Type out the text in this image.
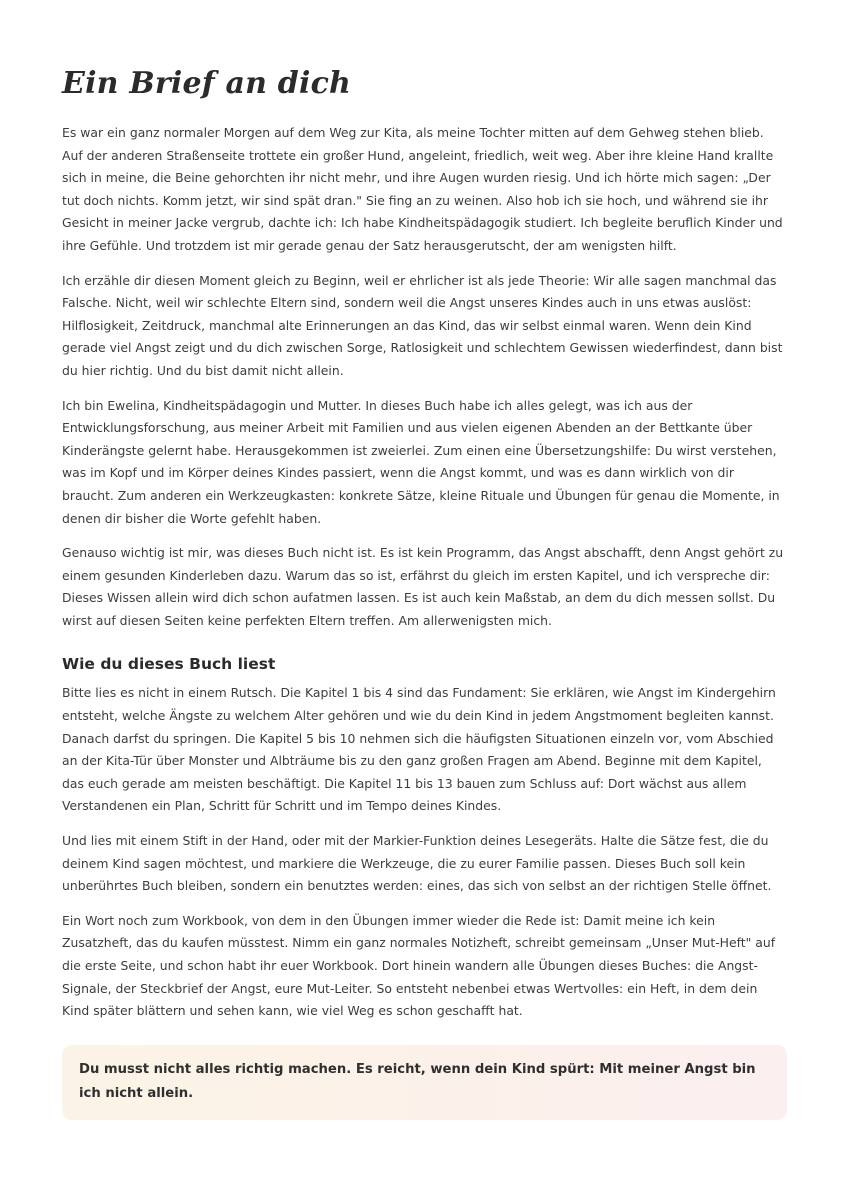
Ein Brief an dich

Es war ein ganz normaler Morgen auf dem Weg zur Kita, als meine Tochter mitten auf dem Gehweg stehen blieb. Auf der anderen Straßenseite trottete ein großer Hund, angeleint, friedlich, weit weg. Aber ihre kleine Hand krallte sich in meine, die Beine gehorchten ihr nicht mehr, und ihre Augen wurden riesig. Und ich hörte mich sagen: „Der tut doch nichts. Komm jetzt, wir sind spät dran." Sie fing an zu weinen. Also hob ich sie hoch, und während sie ihr Gesicht in meiner Jacke vergrub, dachte ich: Ich habe Kindheitspädagogik studiert. Ich begleite beruflich Kinder und ihre Gefühle. Und trotzdem ist mir gerade genau der Satz herausgerutscht, der am wenigsten hilft.

Ich erzähle dir diesen Moment gleich zu Beginn, weil er ehrlicher ist als jede Theorie: Wir alle sagen manchmal das Falsche. Nicht, weil wir schlechte Eltern sind, sondern weil die Angst unseres Kindes auch in uns etwas auslöst: Hilflosigkeit, Zeitdruck, manchmal alte Erinnerungen an das Kind, das wir selbst einmal waren. Wenn dein Kind gerade viel Angst zeigt und du dich zwischen Sorge, Ratlosigkeit und schlechtem Gewissen wiederfindest, dann bist du hier richtig. Und du bist damit nicht allein.

Ich bin Ewelina, Kindheitspädagogin und Mutter. In dieses Buch habe ich alles gelegt, was ich aus der Entwicklungsforschung, aus meiner Arbeit mit Familien und aus vielen eigenen Abenden an der Bettkante über Kinderängste gelernt habe. Herausgekommen ist zweierlei. Zum einen eine Übersetzungshilfe: Du wirst verstehen, was im Kopf und im Körper deines Kindes passiert, wenn die Angst kommt, und was es dann wirklich von dir braucht. Zum anderen ein Werkzeugkasten: konkrete Sätze, kleine Rituale und Übungen für genau die Momente, in denen dir bisher die Worte gefehlt haben.

Genauso wichtig ist mir, was dieses Buch nicht ist. Es ist kein Programm, das Angst abschafft, denn Angst gehört zu einem gesunden Kinderleben dazu. Warum das so ist, erfährst du gleich im ersten Kapitel, und ich verspreche dir: Dieses Wissen allein wird dich schon aufatmen lassen. Es ist auch kein Maßstab, an dem du dich messen sollst. Du wirst auf diesen Seiten keine perfekten Eltern treffen. Am allerwenigsten mich.

Wie du dieses Buch liest

Bitte lies es nicht in einem Rutsch. Die Kapitel 1 bis 4 sind das Fundament: Sie erklären, wie Angst im Kindergehirn entsteht, welche Ängste zu welchem Alter gehören und wie du dein Kind in jedem Angstmoment begleiten kannst. Danach darfst du springen. Die Kapitel 5 bis 10 nehmen sich die häufigsten Situationen einzeln vor, vom Abschied an der Kita-Tür über Monster und Albträume bis zu den ganz großen Fragen am Abend. Beginne mit dem Kapitel, das euch gerade am meisten beschäftigt. Die Kapitel 11 bis 13 bauen zum Schluss auf: Dort wächst aus allem Verstandenen ein Plan, Schritt für Schritt und im Tempo deines Kindes.

Und lies mit einem Stift in der Hand, oder mit der Markier-Funktion deines Lesegeräts. Halte die Sätze fest, die du deinem Kind sagen möchtest, und markiere die Werkzeuge, die zu eurer Familie passen. Dieses Buch soll kein unberührtes Buch bleiben, sondern ein benutztes werden: eines, das sich von selbst an der richtigen Stelle öffnet.

Ein Wort noch zum Workbook, von dem in den Übungen immer wieder die Rede ist: Damit meine ich kein Zusatzheft, das du kaufen müsstest. Nimm ein ganz normales Notizheft, schreibt gemeinsam „Unser Mut-Heft" auf die erste Seite, und schon habt ihr euer Workbook. Dort hinein wandern alle Übungen dieses Buches: die Angst-Signale, der Steckbrief der Angst, eure Mut-Leiter. So entsteht nebenbei etwas Wertvolles: ein Heft, in dem dein Kind später blättern und sehen kann, wie viel Weg es schon geschafft hat.

Du musst nicht alles richtig machen. Es reicht, wenn dein Kind spürt: Mit meiner Angst bin ich nicht allein.
